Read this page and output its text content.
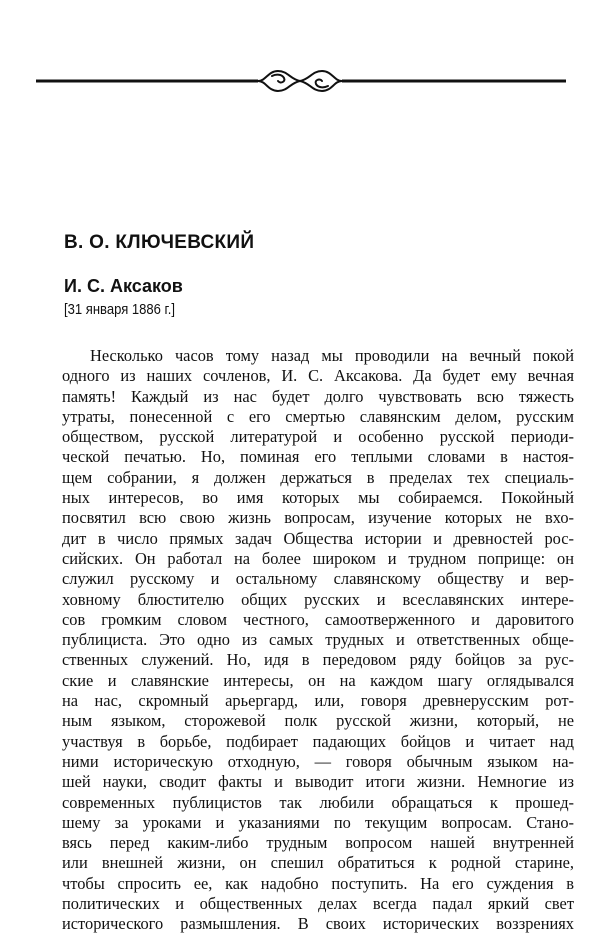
В. О. КЛЮЧЕВСКИЙ
И. С. Аксаков

[31 января 1886 г.]

Несколько часов тому назад мы проводили на вечный покой
одного из наших сочленов, И. С. Аксакова. Да будет ему вечная
память! Каждый из нас будет долго чувствовать всю тяжесть
утраты, понесенной с его смертью славянским делом, русским
обществом, русской литературой и особенно русской периоди-
ческой печатью. Но, поминая его теплыми словами в настоя-
щем собрании, я должен держаться в пределах тех специаль-
ных интересов, во имя которых мы собираемся. Покойный
посвятил всю свою жизнь вопросам, изучение которых не вхо-
дит в число прямых задач Общества истории и древностей рос-
сийских. Он работал на более широком и трудном поприще: он
служил русскому и остальному славянскому обществу и вер-
ховному блюстителю общих русских и всеславянских интере-
сов громким словом честного, самоотверженного и даровитого
публициста. Это одно из самых трудных и ответственных обще-
ственных служений. Но, идя в передовом ряду бойцов за рус-
ские и славянские интересы, он на каждом шагу оглядывался
на нас, скромный арьергард, или, говоря древнерусским рот-
ным языком, сторожевой полк русской жизни, который, не
участвуя в борьбе, подбирает падающих бойцов и читает над
ними историческую отходную, — говоря обычным языком на-
шей науки, сводит факты и выводит итоги жизни. Немногие из
современных публицистов так любили обращаться к прошед-
шему за уроками и указаниями по текущим вопросам. Стано-
вясь перед каким-либо трудным вопросом нашей внутренней
или внешней жизни, он спешил обратиться к родной старине,
чтобы спросить ее, как надобно поступить. На его суждения в
политических и общественных делах всегда падал яркий свет
исторического размышления. В своих исторических воззрениях
